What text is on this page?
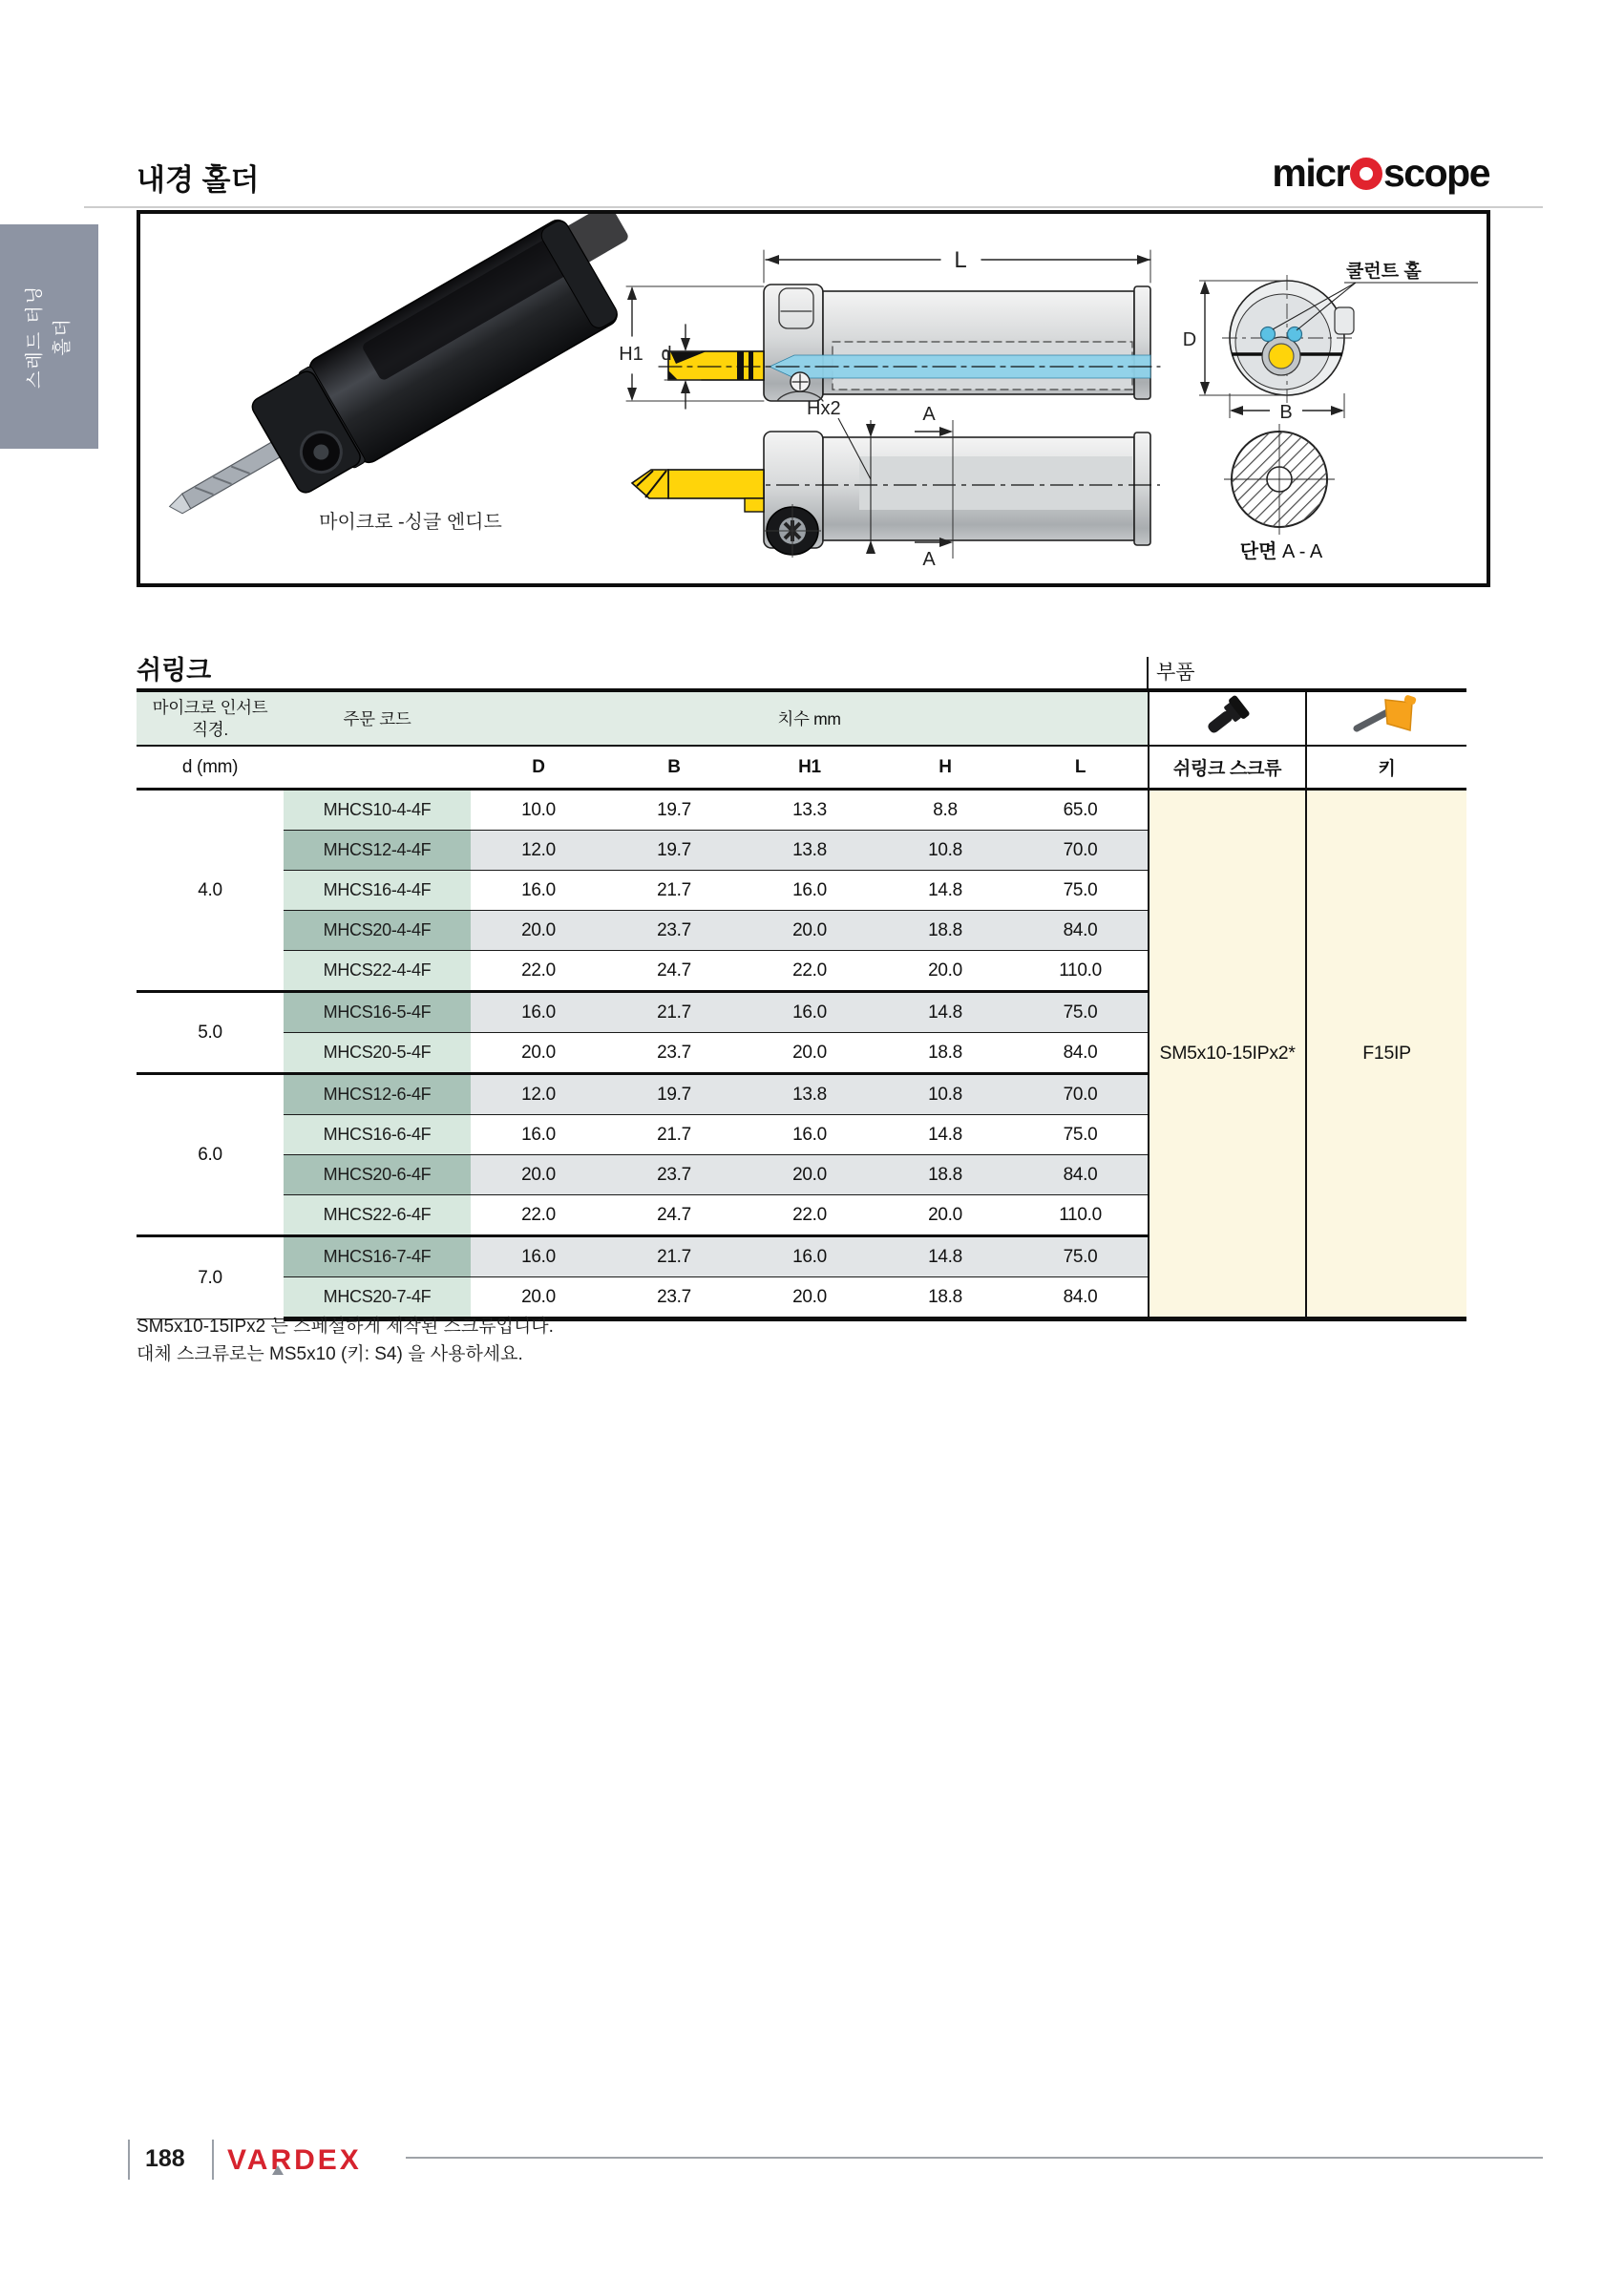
내경 홀더	micr scope
스레드 터닝 홀더
마이크로 -싱글 엔디드
L
H1 d
쿨런트 홀
D
B
Hx2	A
A	단면 A - A
쉬링크	부품
마이크로 인서트
직경.	주문 코드	치수 mm		
d (mm)		D	B	H1	H	L	쉬링크 스크류	키
4.0	MHCS10-4-4F	10.0	19.7	13.3	8.8	65.0	SM5x10-15IPx2*	F15IP
	MHCS12-4-4F	12.0	19.7	13.8	10.8	70.0		
	MHCS16-4-4F	16.0	21.7	16.0	14.8	75.0		
	MHCS20-4-4F	20.0	23.7	20.0	18.8	84.0		
	MHCS22-4-4F	22.0	24.7	22.0	20.0	110.0		
5.0	MHCS16-5-4F	16.0	21.7	16.0	14.8	75.0		
	MHCS20-5-4F	20.0	23.7	20.0	18.8	84.0		
6.0	MHCS12-6-4F	12.0	19.7	13.8	10.8	70.0		
	MHCS16-6-4F	16.0	21.7	16.0	14.8	75.0		
	MHCS20-6-4F	20.0	23.7	20.0	18.8	84.0		
	MHCS22-6-4F	22.0	24.7	22.0	20.0	110.0		
7.0	MHCS16-7-4F	16.0	21.7	16.0	14.8	75.0		
	MHCS20-7-4F	20.0	23.7	20.0	18.8	84.0		
SM5x10-15IPx2 는 스페셜하게 제작된 스크류입니다.
대체 스크류로는 MS5x10 (키: S4) 을 사용하세요.
188 VARDEX
